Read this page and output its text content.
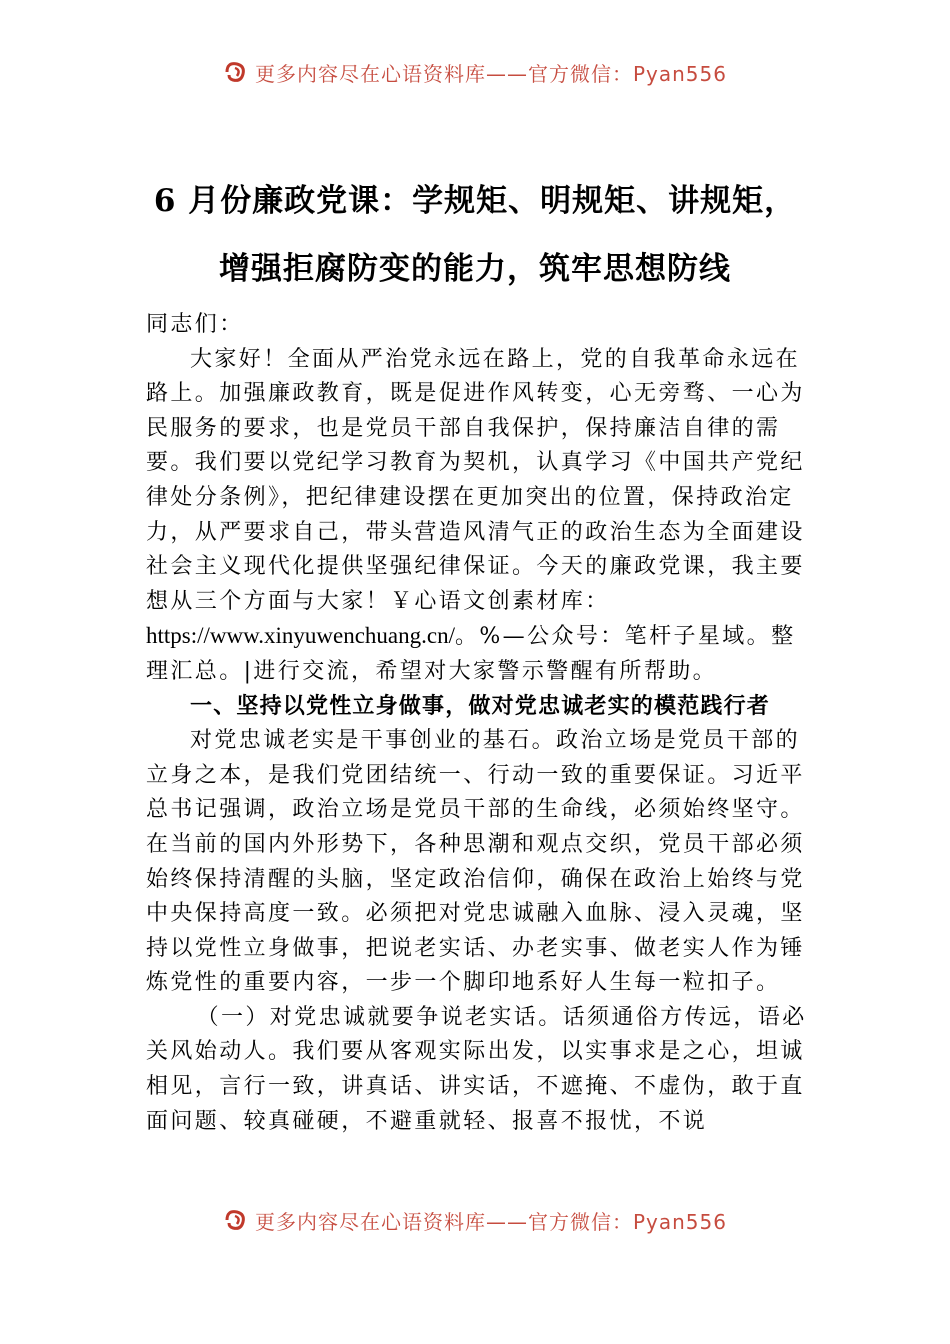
更多内容尽在心语资料库——官方微信：Pyan556
6 月份廉政党课：学规矩、明规矩、讲规矩，
增强拒腐防变的能力，筑牢思想防线

同志们：

大家好！全面从严治党永远在路上，党的自我革命永远在路上。加强廉政教育，既是促进作风转变，心无旁骛、一心为民服务的要求，也是党员干部自我保护，保持廉洁自律的需要。我们要以党纪学习教育为契机，认真学习《中国共产党纪律处分条例》，把纪律建设摆在更加突出的位置，保持政治定力，从严要求自己，带头营造风清气正的政治生态为全面建设社会主义现代化提供坚强纪律保证。今天的廉政党课，我主要想从三个方面与大家！￥心语文创素材库：https://www.xinyuwenchuang.cn/。%—公众号：笔杆子星域。整理汇总。|进行交流，希望对大家警示警醒有所帮助。

一、坚持以党性立身做事，做对党忠诚老实的模范践行者

对党忠诚老实是干事创业的基石。政治立场是党员干部的立身之本，是我们党团结统一、行动一致的重要保证。习近平总书记强调，政治立场是党员干部的生命线，必须始终坚守。在当前的国内外形势下，各种思潮和观点交织，党员干部必须始终保持清醒的头脑，坚定政治信仰，确保在政治上始终与党中央保持高度一致。必须把对党忠诚融入血脉、浸入灵魂，坚持以党性立身做事，把说老实话、办老实事、做老实人作为锤炼党性的重要内容，一步一个脚印地系好人生每一粒扣子。

（一）对党忠诚就要争说老实话。话须通俗方传远，语必关风始动人。我们要从客观实际出发，以实事求是之心，坦诚相见，言行一致，讲真话、讲实话，不遮掩、不虚伪，敢于直面问题、较真碰硬，不避重就轻、报喜不报忧，不说

更多内容尽在心语资料库——官方微信：Pyan556
